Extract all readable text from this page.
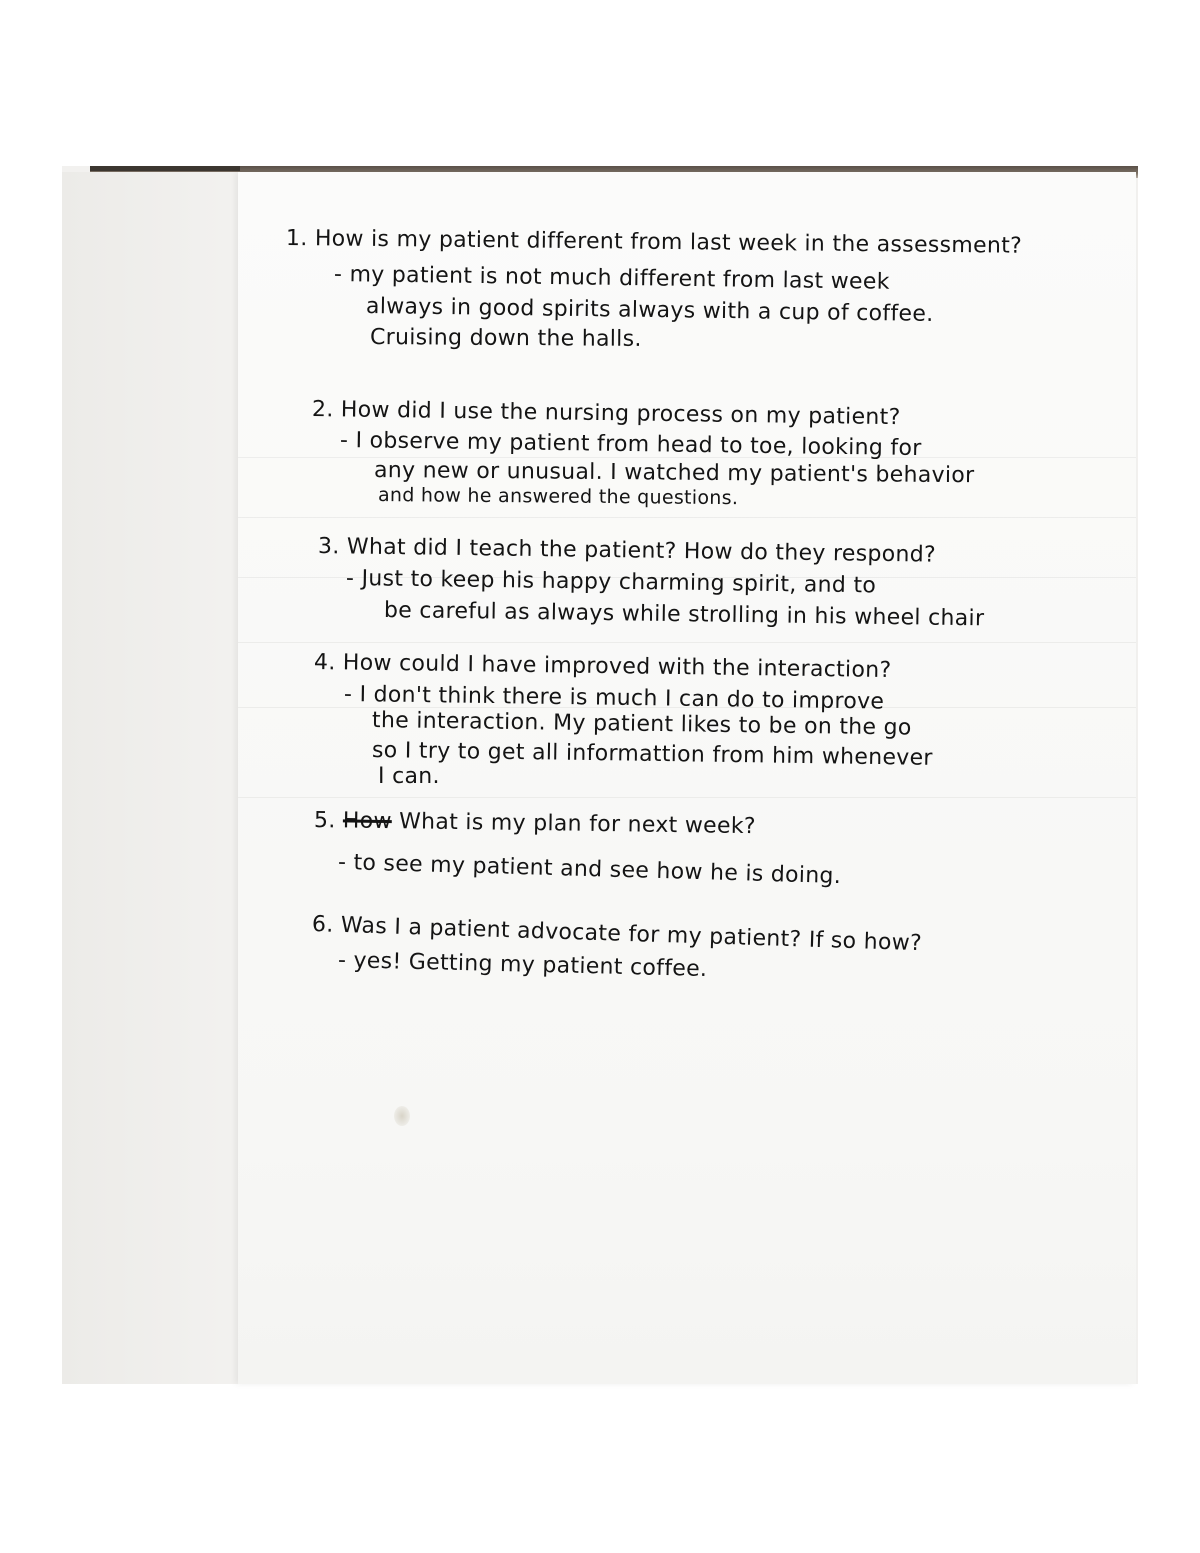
1. How is my patient different from last week in the assessment?
- my patient is not much different from last week
always in good spirits always with a cup of coffee.
Cruising down the halls.
2. How did I use the nursing process on my patient?
- I observe my patient from head to toe, looking for
any new or unusual. I watched my patient's behavior
and how he answered the questions.
3. What did I teach the patient? How do they respond?
- Just to keep his happy charming spirit, and to
be careful as always while strolling in his wheel chair
4. How could I have improved with the interaction?
- I don't think there is much I can do to improve
the interaction. My patient likes to be on the go
so I try to get all informattion from him whenever
I can.
5. How What is my plan for next week?
- to see my patient and see how he is doing.
6. Was I a patient advocate for my patient? If so how?
- yes! Getting my patient coffee.
